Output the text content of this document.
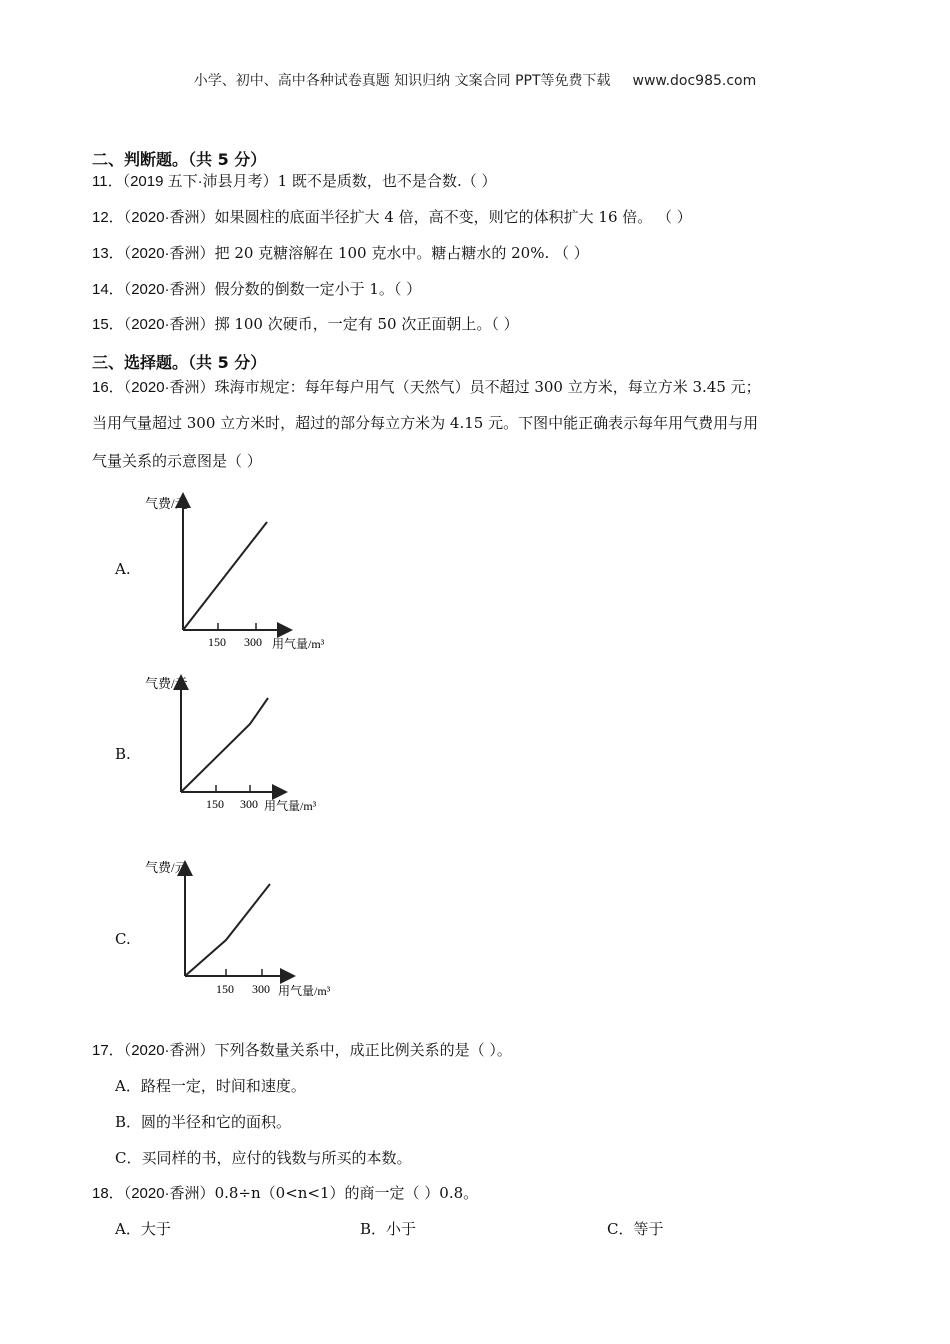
小学、初中、高中各种试卷真题 知识归纳 文案合同 PPT等免费下载 www.doc985.com
二、判断题。（共 5 分）
11．（2019 五下·沛县月考）1 既不是质数，也不是合数.（ ）
12．（2020·香洲）如果圆柱的底面半径扩大 4 倍，高不变，则它的体积扩大 16 倍。 （ ）
13．（2020·香洲）把 20 克糖溶解在 100 克水中。糖占糖水的 20%. （ ）
14．（2020·香洲）假分数的倒数一定小于 1。（ ）
15．（2020·香洲）掷 100 次硬币，一定有 50 次正面朝上。（ ）
三、选择题。（共 5 分）
16．（2020·香洲）珠海市规定：每年每户用气（天然气）员不超过 300 立方米，每立方米 3.45 元；
当用气量超过 300 立方米时，超过的部分每立方米为 4.15 元。下图中能正确表示每年用气费用与用
气量关系的示意图是（ ）
A.
气费/元
150 300 用气量/m³
B.
气费/元
150 300 用气量/m³
C.
气费/元
150 300 用气量/m³
17．（2020·香洲）下列各数量关系中，成正比例关系的是（ ）。
A．路程一定，时间和速度。
B．圆的半径和它的面积。
C．买同样的书，应付的钱数与所买的本数。
18．（2020·香洲）0.8÷n（0<n<1）的商一定（ ）0.8。
A．大于	B．小于	C．等于
